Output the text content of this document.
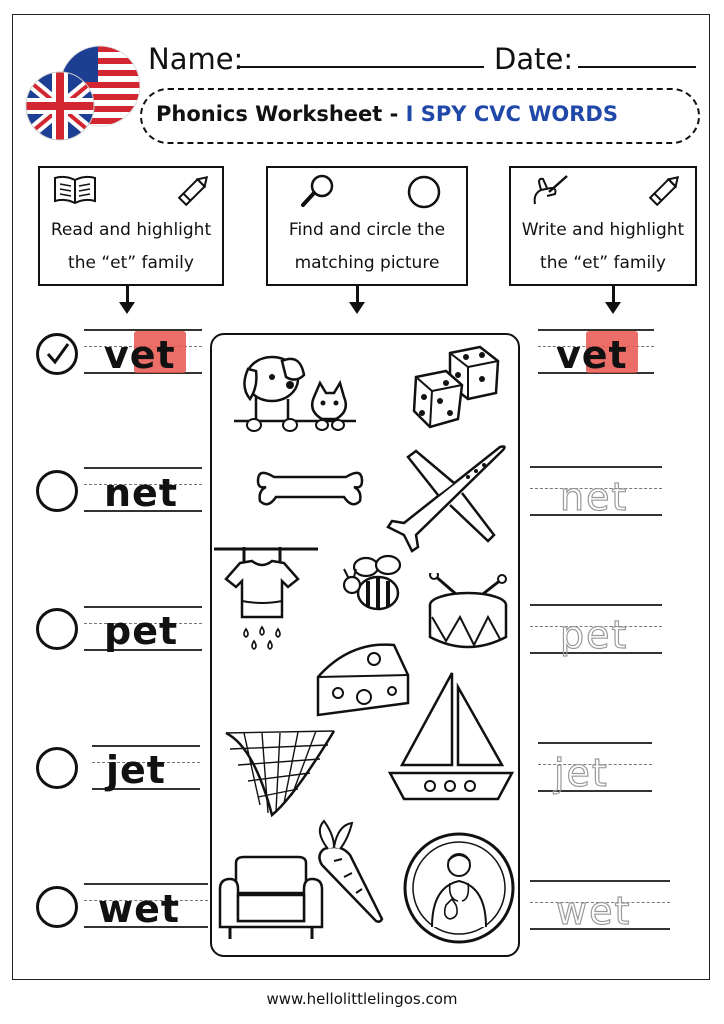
Name:	Date:
Phonics Worksheet - I SPY CVC WORDS
Read and highlight
the “et” family
Find and circle the
matching picture
Write and highlight
the “et” family
vet
net
pet
jet
wet
vet
net
pet
jet
wet
www.hellolittlelingos.com
